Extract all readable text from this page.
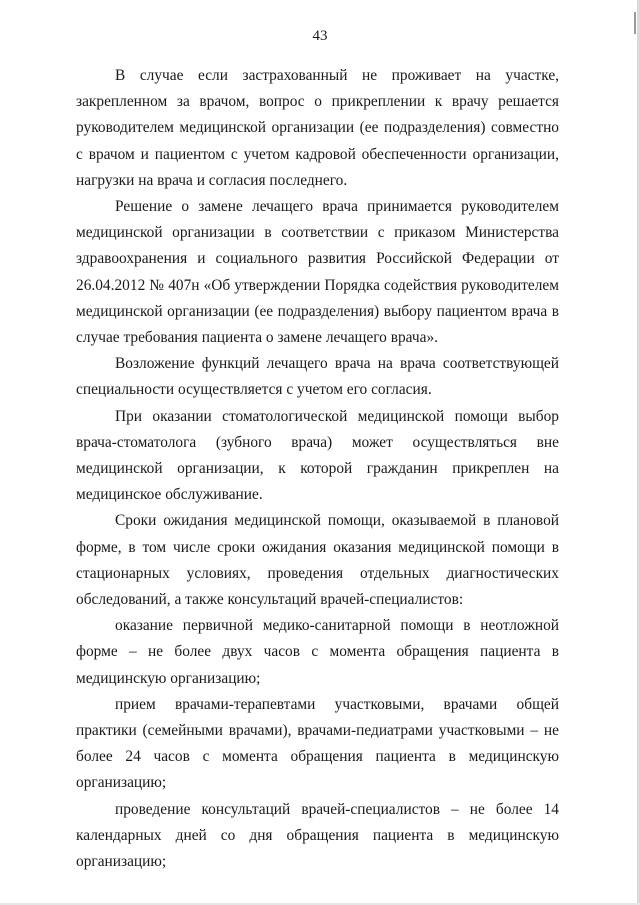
43

В случае если застрахованный не проживает на участке, закрепленном за врачом, вопрос о прикреплении к врачу решается руководителем медицинской организации (ее подразделения) совместно с врачом и пациентом с учетом кадровой обеспеченности организации, нагрузки на врача и согласия последнего.

Решение о замене лечащего врача принимается руководителем медицинской организации в соответствии с приказом Министерства здравоохранения и социального развития Российской Федерации от 26.04.2012 № 407н «Об утверждении Порядка содействия руководителем медицинской организации (ее подразделения) выбору пациентом врача в случае требования пациента о замене лечащего врача».

Возложение функций лечащего врача на врача соответствующей специальности осуществляется с учетом его согласия.

При оказании стоматологической медицинской помощи выбор врача-стоматолога (зубного врача) может осуществляться вне медицинской организации, к которой гражданин прикреплен на медицинское обслуживание.

Сроки ожидания медицинской помощи, оказываемой в плановой форме, в том числе сроки ожидания оказания медицинской помощи в стационарных условиях, проведения отдельных диагностических обследований, а также консультаций врачей-специалистов:

оказание первичной медико-санитарной помощи в неотложной форме – не более двух часов с момента обращения пациента в медицинскую организацию;

прием врачами-терапевтами участковыми, врачами общей практики (семейными врачами), врачами-педиатрами участковыми – не более 24 часов с момента обращения пациента в медицинскую организацию;

проведение консультаций врачей-специалистов – не более 14 календарных дней со дня обращения пациента в медицинскую организацию;
